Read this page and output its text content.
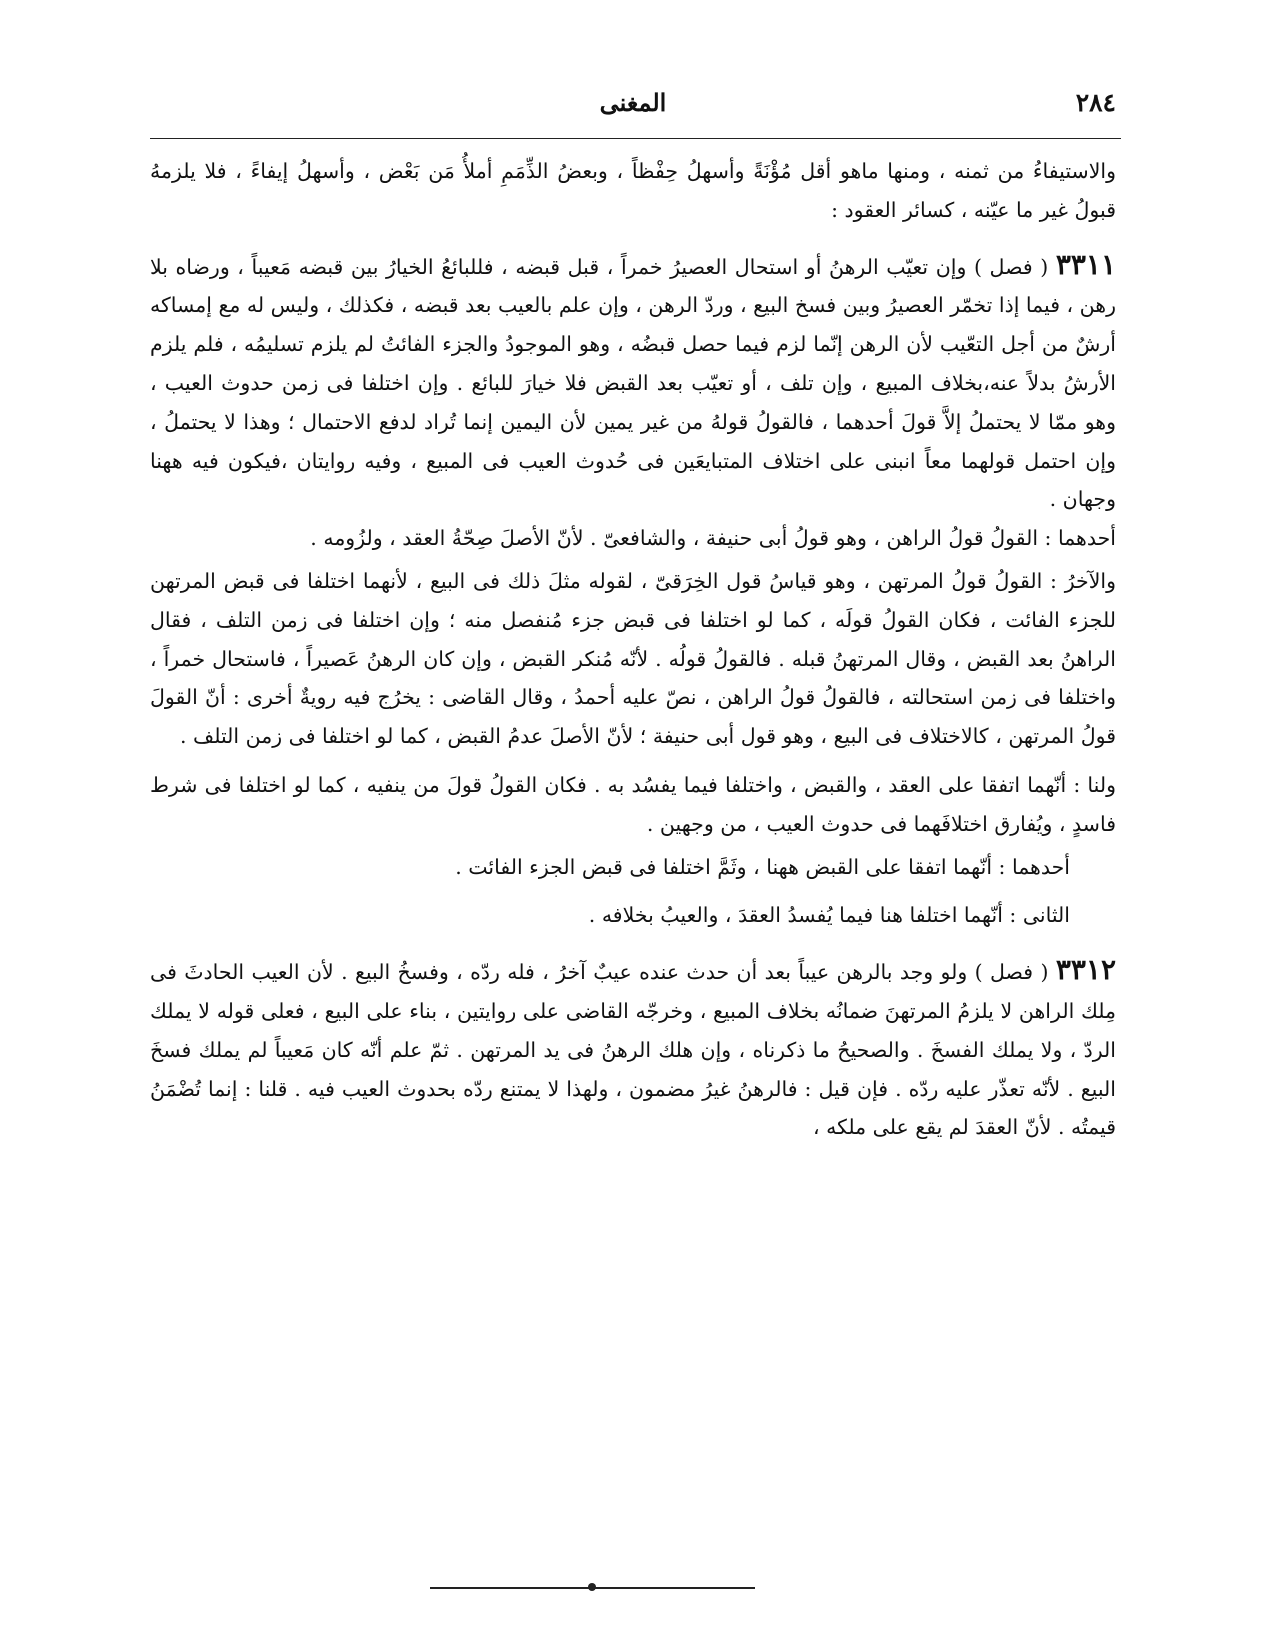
٢٨٤
المغنى

والاستيفاءُ من ثمنه ، ومنها ماهو أقل مُؤْنَةً وأسهلُ حِفْظاً ، وبعضُ الذِّمَمِ أملأُ مَن بَعْض ، وأسهلُ إيفاءً ، فلا يلزمهُ قبولُ غير ما عيّنه ، كسائر العقود :

٣٣١١ ( فصل ) وإن تعيّب الرهنُ أو استحال العصيرُ خمراً ، قبل قبضه ، فللبائعُ الخيارُ بين قبضه مَعيباً ، ورضاه بلا رهن ، فيما إذا تخمّر العصيرُ وبين فسخ البيع ، وردّ الرهن ، وإن علم بالعيب بعد قبضه ، فكذلك ، وليس له مع إمساكه أرشٌ من أجل التعّيب لأن الرهن إنّما لزم فيما حصل قبضُه ، وهو الموجودُ والجزء الفائتُ لم يلزم تسليمُه ، فلم يلزم الأرشُ بدلاً عنه،بخلاف المبيع ، وإن تلف ، أو تعيّب بعد القبض فلا خيارَ للبائع . وإن اختلفا فى زمن حدوث العيب ، وهو ممّا لا يحتملُ إلاَّ قولَ أحدهما ، فالقولُ قولهُ من غير يمين لأن اليمين إنما تُراد لدفع الاحتمال ؛ وهذا لا يحتملُ ، وإن احتمل قولهما معاً انبنى على اختلاف المتبايعَين فى حُدوث العيب فى المبيع ، وفيه روايتان ،فيكون فيه ههنا وجهان .

أحدهما : القولُ قولُ الراهن ، وهو قولُ أبى حنيفة ، والشافعىّ . لأنّ الأصلَ صِحّةُ العقد ، ولزُومه .

والآخرُ : القولُ قولُ المرتهن ، وهو قياسُ قول الخِرَقىّ ، لقوله مثلَ ذلك فى البيع ، لأنهما اختلفا فى قبض المرتهن للجزء الفائت ، فكان القولُ قولَه ، كما لو اختلفا فى قبض جزء مُنفصل منه ؛ وإن اختلفا فى زمن التلف ، فقال الراهنُ بعد القبض ، وقال المرتهنُ قبله . فالقولُ قولُه . لأنّه مُنكر القبض ، وإن كان الرهنُ عَصيراً ، فاستحال خمراً ، واختلفا فى زمن استحالته ، فالقولُ قولُ الراهن ، نصّ عليه أحمدُ ، وقال القاضى : يخرُج فيه رويةٌ أخرى : أنّ القولَ قولُ المرتهن ، كالاختلاف فى البيع ، وهو قول أبى حنيفة ؛ لأنّ الأصلَ عدمُ القبض ، كما لو اختلفا فى زمن التلف .

ولنا : أنّهما اتفقا على العقد ، والقبض ، واختلفا فيما يفسُد به . فكان القولُ قولَ من ينفيه ، كما لو اختلفا فى شرط فاسدٍ ، ويُفارق اختلافَهما فى حدوث العيب ، من وجهين .

أحدهما : أنّهما اتفقا على القبض ههنا ، وثَمَّ اختلفا فى قبض الجزء الفائت .

الثانى : أنّهما اختلفا هنا فيما يُفسدُ العقدَ ، والعيبُ بخلافه .

٣٣١٢ ( فصل ) ولو وجد بالرهن عيباً بعد أن حدث عنده عيبٌ آخرُ ، فله ردّه ، وفسخُ البيع . لأن العيب الحادثَ فى مِلك الراهن لا يلزمُ المرتهنَ ضمانُه بخلاف المبيع ، وخرجّه القاضى على روايتين ، بناء على البيع ، فعلى قوله لا يملك الردّ ، ولا يملك الفسخَ . والصحيحُ ما ذكرناه ، وإن هلك الرهنُ فى يد المرتهن . ثمّ علم أنّه كان مَعيباً لم يملك فسخَ البيع . لأنّه تعذّر عليه ردّه . فإن قيل : فالرهنُ غيرُ مضمون ، ولهذا لا يمتنع ردّه بحدوث العيب فيه . قلنا : إنما تُضْمَنُ قيمتُه . لأنّ العقدَ لم يقع على ملكه ،
